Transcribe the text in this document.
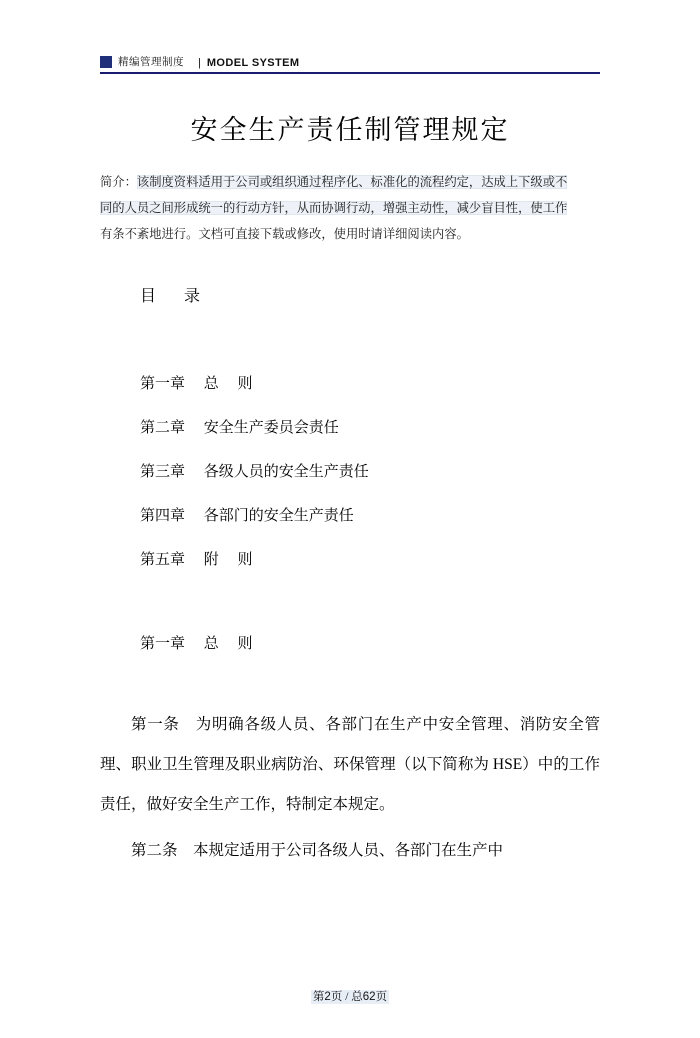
精编管理制度 | MODEL SYSTEM
安全生产责任制管理规定
简介：该制度资料适用于公司或组织通过程序化、标准化的流程约定，达成上下级或不
同的人员之间形成统一的行动方针，从而协调行动，增强主动性，减少盲目性，使工作
有条不紊地进行。文档可直接下载或修改，使用时请详细阅读内容。
目　录
第一章　 总　 则
第二章　 安全生产委员会责任
第三章　 各级人员的安全生产责任
第四章　 各部门的安全生产责任
第五章　 附　 则
第一章　 总　 则

第一条　为明确各级人员、各部门在生产中安全管理、消防安全管理、职业卫生管理及职业病防治、环保管理（以下简称为 HSE）中的工作责任，做好安全生产工作，特制定本规定。

第二条　本规定适用于公司各级人员、各部门在生产中

第2页 / 总62页
